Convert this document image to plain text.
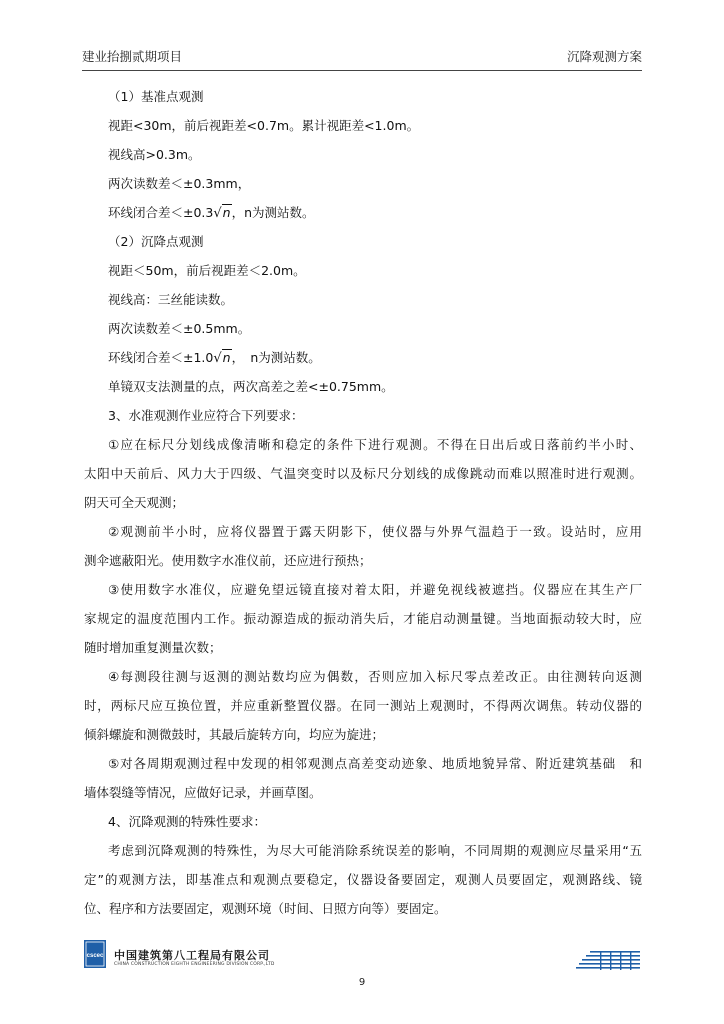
建业抬捌贰期项目	沉降观测方案
（1）基准点观测
视距<30m，前后视距差<0.7m。累计视距差<1.0m。
视线高>0.3m。
两次读数差＜±0.3mm，
环线闭合差＜±0.3√n，n为测站数。
（2）沉降点观测
视距＜50m，前后视距差＜2.0m。
视线高：三丝能读数。
两次读数差＜±0.5mm。
环线闭合差＜±1.0√n，　n为测站数。
单镜双支法测量的点，两次高差之差<±0.75mm。
3、水准观测作业应符合下列要求：
①应在标尺分划线成像清晰和稳定的条件下进行观测。不得在日出后或日落前约半小时、
太阳中天前后、风力大于四级、气温突变时以及标尺分划线的成像跳动而难以照准时进行观测。
阴天可全天观测；
②观测前半小时，应将仪器置于露天阴影下，使仪器与外界气温趋于一致。设站时，应用
测伞遮蔽阳光。使用数字水准仪前，还应进行预热；
③使用数字水准仪，应避免望远镜直接对着太阳，并避免视线被遮挡。仪器应在其生产厂
家规定的温度范围内工作。振动源造成的振动消失后，才能启动测量键。当地面振动较大时，应
随时增加重复测量次数；
④每测段往测与返测的测站数均应为偶数，否则应加入标尺零点差改正。由往测转向返测
时，两标尺应互换位置，并应重新整置仪器。在同一测站上观测时，不得两次调焦。转动仪器的
倾斜螺旋和测微鼓时，其最后旋转方向，均应为旋进；
⑤对各周期观测过程中发现的相邻观测点高差变动迹象、地质地貌异常、附近建筑基础　和
墙体裂缝等情况，应做好记录，并画草图。
4、沉降观测的特殊性要求：
考虑到沉降观测的特殊性，为尽大可能消除系统误差的影响，不同周期的观测应尽量采用“五
定”的观测方法，即基准点和观测点要稳定，仪器设备要固定，观测人员要固定，观测路线、镜
位、程序和方法要固定，观测环境（时间、日照方向等）要固定。
cscec 中国建筑第八工程局有限公司
CHINA CONSTRUCTION EIGHTH ENGINEERING DIVISION CORP.,LTD
9
